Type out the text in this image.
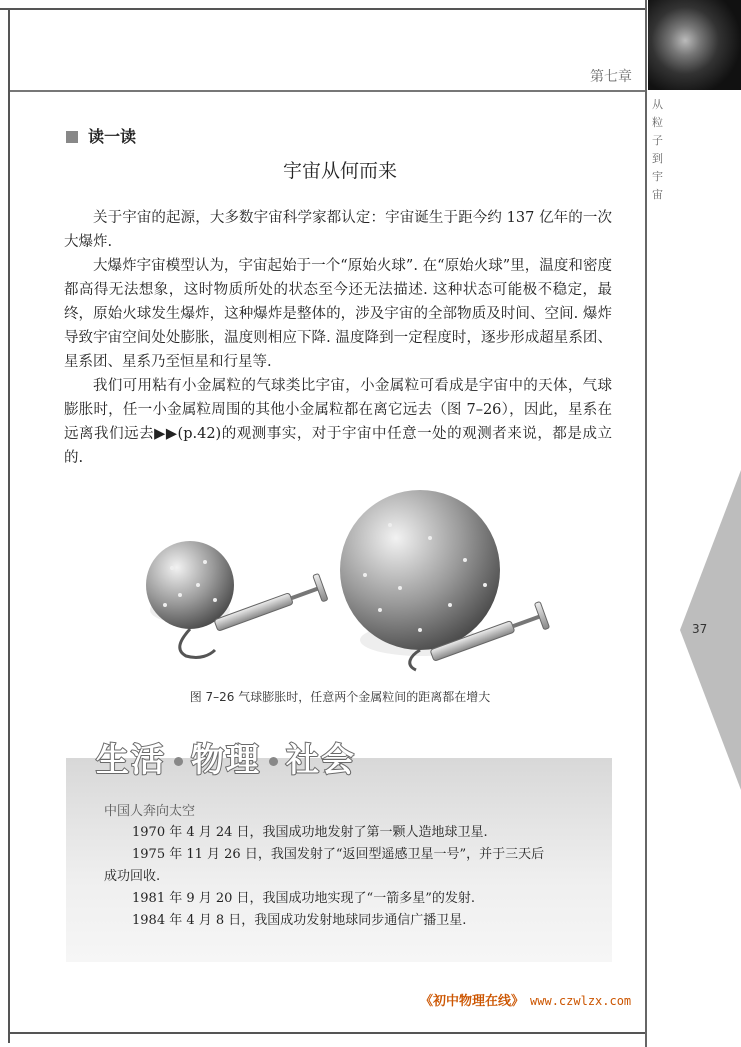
第七章
从粒子到宇宙
37
读一读
宇宙从何而来
关于宇宙的起源，大多数宇宙科学家都认定：宇宙诞生于距今约 137 亿年的一次大爆炸.
大爆炸宇宙模型认为，宇宙起始于一个“原始火球”. 在“原始火球”里，温度和密度都高得无法想象，这时物质所处的状态至今还无法描述. 这种状态可能极不稳定，最终，原始火球发生爆炸，这种爆炸是整体的，涉及宇宙的全部物质及时间、空间. 爆炸导致宇宙空间处处膨胀，温度则相应下降. 温度降到一定程度时，逐步形成超星系团、星系团、星系乃至恒星和行星等.
我们可用粘有小金属粒的气球类比宇宙，小金属粒可看成是宇宙中的天体，气球膨胀时，任一小金属粒周围的其他小金属粒都在离它远去（图 7–26），因此，星系在远离我们远去▶▶(p.42)的观测事实，对于宇宙中任意一处的观测者来说，都是成立的.
图 7–26 气球膨胀时，任意两个金属粒间的距离都在增大
生活 物理 社会
中国人奔向太空
1970 年 4 月 24 日，我国成功地发射了第一颗人造地球卫星.
1975 年 11 月 26 日，我国发射了“返回型遥感卫星一号”，并于三天后
成功回收.
1981 年 9 月 20 日，我国成功地实现了“一箭多星”的发射.
1984 年 4 月 8 日，我国成功发射地球同步通信广播卫星.
《初中物理在线》 www.czwlzx.com
